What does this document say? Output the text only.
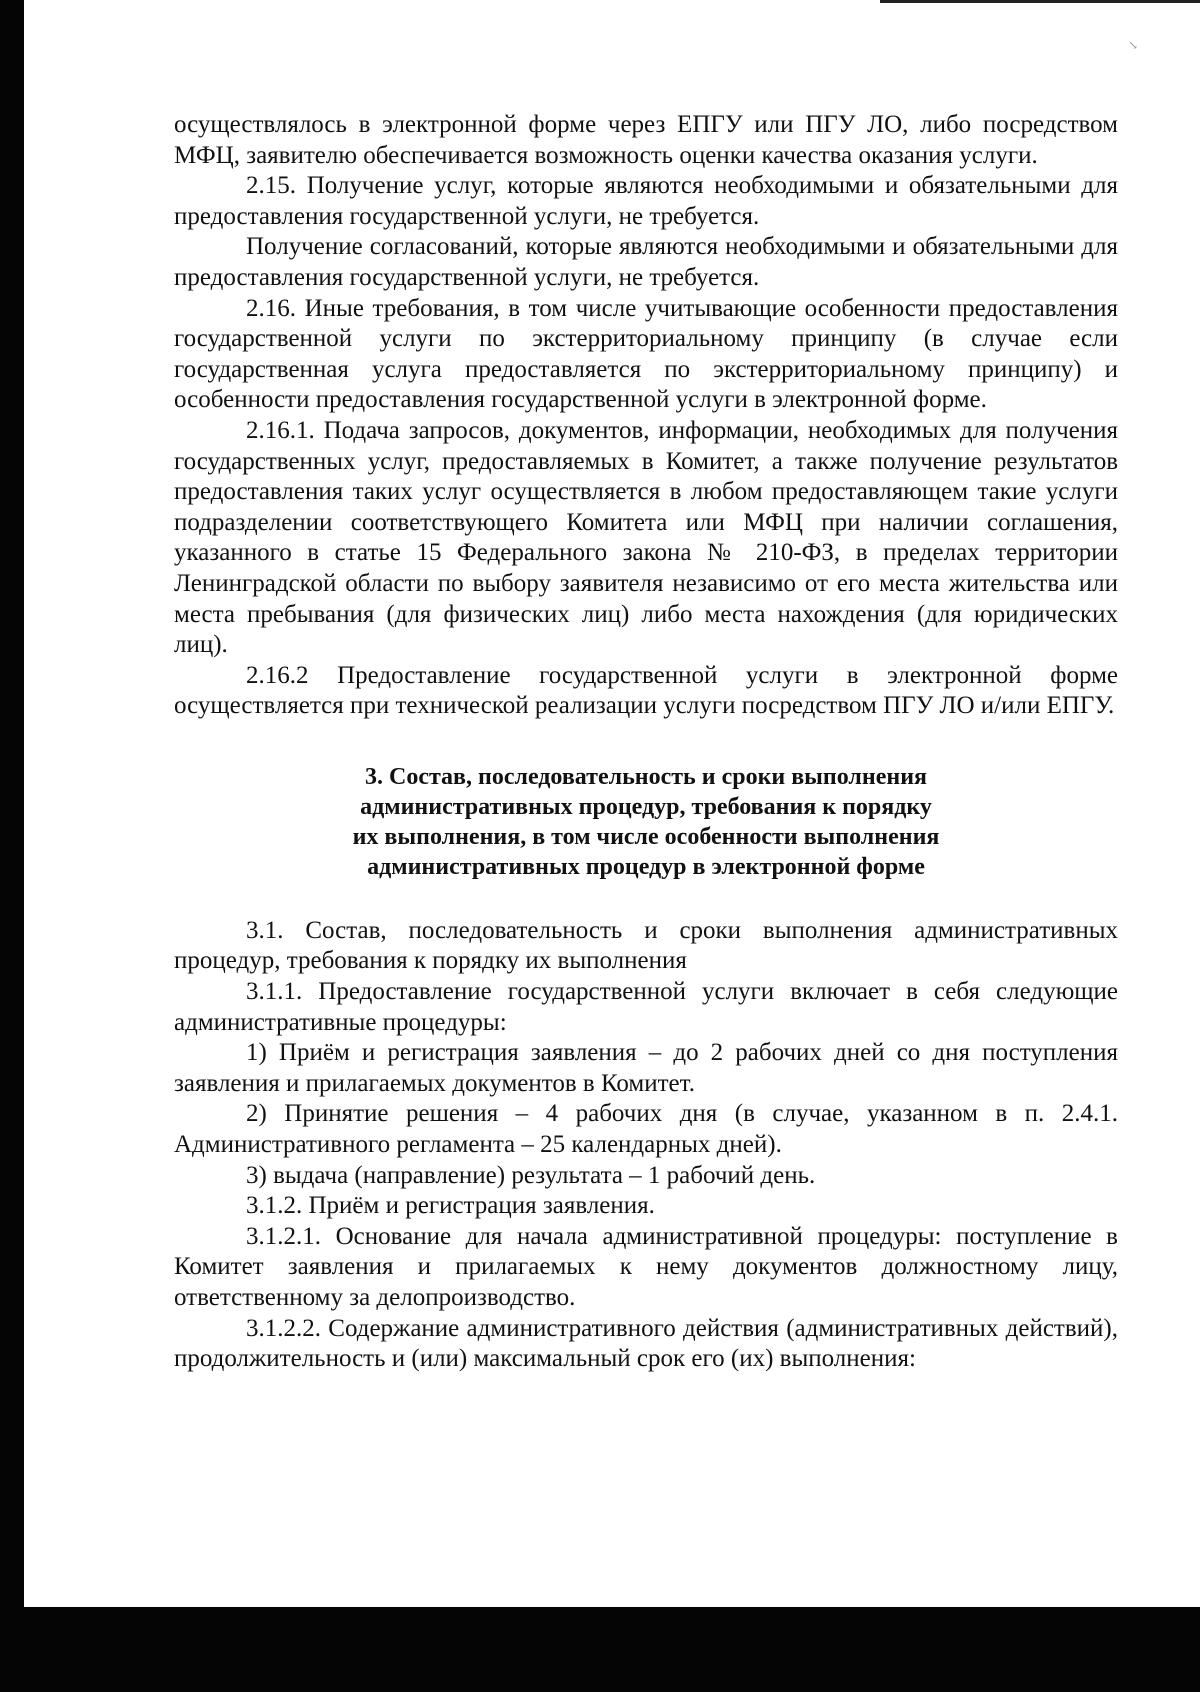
↘

осуществлялось в электронной форме через ЕПГУ или ПГУ ЛО, либо посредством МФЦ, заявителю обеспечивается возможность оценки качества оказания услуги.

2.15. Получение услуг, которые являются необходимыми и обязательными для предоставления государственной услуги, не требуется.

Получение согласований, которые являются необходимыми и обязательными для предоставления государственной услуги, не требуется.

2.16. Иные требования, в том числе учитывающие особенности предоставления государственной услуги по экстерриториальному принципу (в случае если государственная услуга предоставляется по экстерриториальному принципу) и особенности предоставления государственной услуги в электронной форме.

2.16.1. Подача запросов, документов, информации, необходимых для получения государственных услуг, предоставляемых в Комитет, а также получение результатов предоставления таких услуг осуществляется в любом предоставляющем такие услуги подразделении соответствующего Комитета или МФЦ при наличии соглашения, указанного в статье 15 Федерального закона № 210-ФЗ, в пределах территории Ленинградской области по выбору заявителя независимо от его места жительства или места пребывания (для физических лиц) либо места нахождения (для юридических лиц).

2.16.2 Предоставление государственной услуги в электронной форме осуществляется при технической реализации услуги посредством ПГУ ЛО и/или ЕПГУ.

3. Состав, последовательность и сроки выполнения
административных процедур, требования к порядку
их выполнения, в том числе особенности выполнения
административных процедур в электронной форме

3.1. Состав, последовательность и сроки выполнения административных процедур, требования к порядку их выполнения

3.1.1. Предоставление государственной услуги включает в себя следующие административные процедуры:

1) Приём и регистрация заявления – до 2 рабочих дней со дня поступления заявления и прилагаемых документов в Комитет.

2) Принятие решения – 4 рабочих дня (в случае, указанном в п. 2.4.1. Административного регламента – 25 календарных дней).

3) выдача (направление) результата – 1 рабочий день.

3.1.2. Приём и регистрация заявления.

3.1.2.1. Основание для начала административной процедуры: поступление в Комитет заявления и прилагаемых к нему документов должностному лицу, ответственному за делопроизводство.

3.1.2.2. Содержание административного действия (административных действий), продолжительность и (или) максимальный срок его (их) выполнения:
